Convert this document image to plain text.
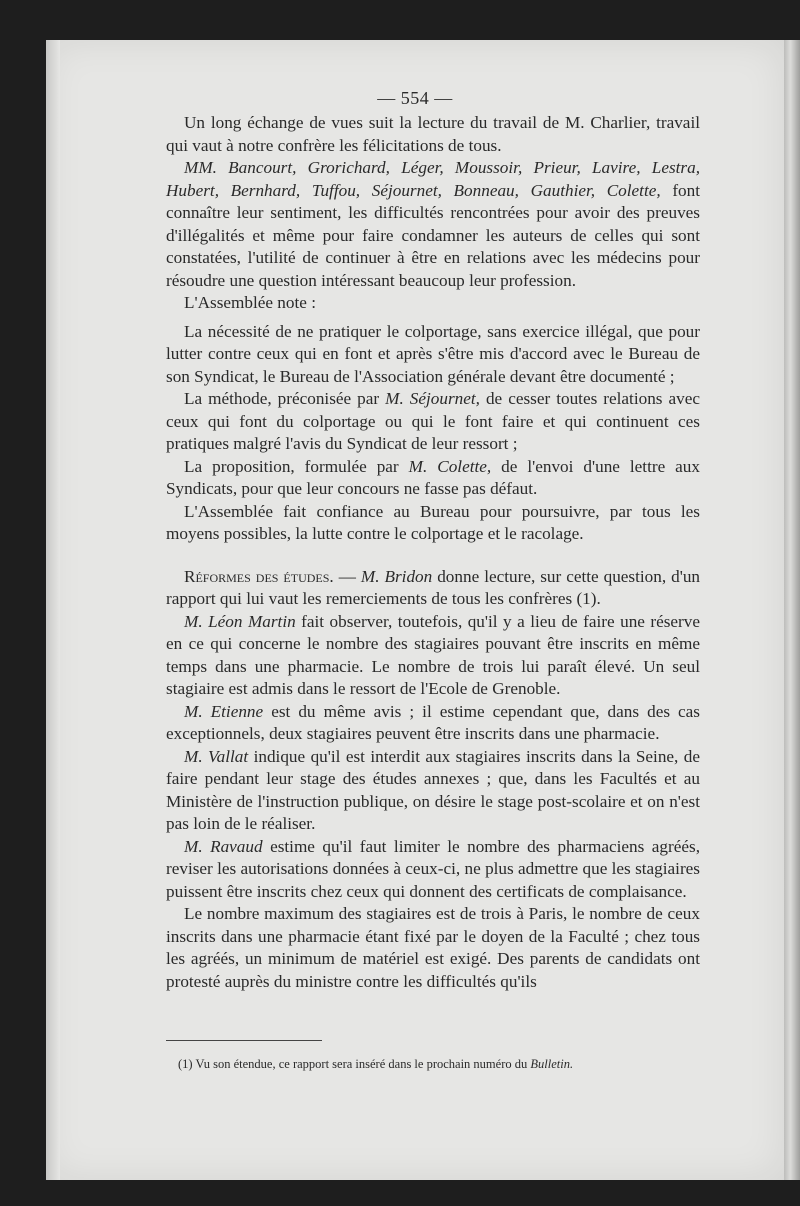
— 554 —

Un long échange de vues suit la lecture du travail de M. Charlier, travail qui vaut à notre confrère les félicitations de tous.

MM. Bancourt, Grorichard, Léger, Moussoir, Prieur, Lavire, Lestra, Hubert, Bernhard, Tuffou, Séjournet, Bonneau, Gauthier, Colette, font connaître leur sentiment, les difficultés rencontrées pour avoir des preuves d'illégalités et même pour faire condamner les auteurs de celles qui sont constatées, l'utilité de continuer à être en relations avec les médecins pour résoudre une question intéressant beaucoup leur profession.

L'Assemblée note :

La nécessité de ne pratiquer le colportage, sans exercice illégal, que pour lutter contre ceux qui en font et après s'être mis d'accord avec le Bureau de son Syndicat, le Bureau de l'Association générale devant être documenté ;

La méthode, préconisée par M. Séjournet, de cesser toutes relations avec ceux qui font du colportage ou qui le font faire et qui continuent ces pratiques malgré l'avis du Syndicat de leur ressort ;

La proposition, formulée par M. Colette, de l'envoi d'une lettre aux Syndicats, pour que leur concours ne fasse pas défaut.

L'Assemblée fait confiance au Bureau pour poursuivre, par tous les moyens possibles, la lutte contre le colportage et le racolage.

Réformes des études. — M. Bridon donne lecture, sur cette question, d'un rapport qui lui vaut les remerciements de tous les confrères (1).

M. Léon Martin fait observer, toutefois, qu'il y a lieu de faire une réserve en ce qui concerne le nombre des stagiaires pouvant être inscrits en même temps dans une pharmacie. Le nombre de trois lui paraît élevé. Un seul stagiaire est admis dans le ressort de l'Ecole de Grenoble.

M. Etienne est du même avis ; il estime cependant que, dans des cas exceptionnels, deux stagiaires peuvent être inscrits dans une pharmacie.

M. Vallat indique qu'il est interdit aux stagiaires inscrits dans la Seine, de faire pendant leur stage des études annexes ; que, dans les Facultés et au Ministère de l'instruction publique, on désire le stage post-scolaire et on n'est pas loin de le réaliser.

M. Ravaud estime qu'il faut limiter le nombre des pharmaciens agréés, reviser les autorisations données à ceux-ci, ne plus admettre que les stagiaires puissent être inscrits chez ceux qui donnent des certificats de complaisance.

Le nombre maximum des stagiaires est de trois à Paris, le nombre de ceux inscrits dans une pharmacie étant fixé par le doyen de la Faculté ; chez tous les agréés, un minimum de matériel est exigé. Des parents de candidats ont protesté auprès du ministre contre les difficultés qu'ils

(1) Vu son étendue, ce rapport sera inséré dans le prochain numéro du Bulletin.
